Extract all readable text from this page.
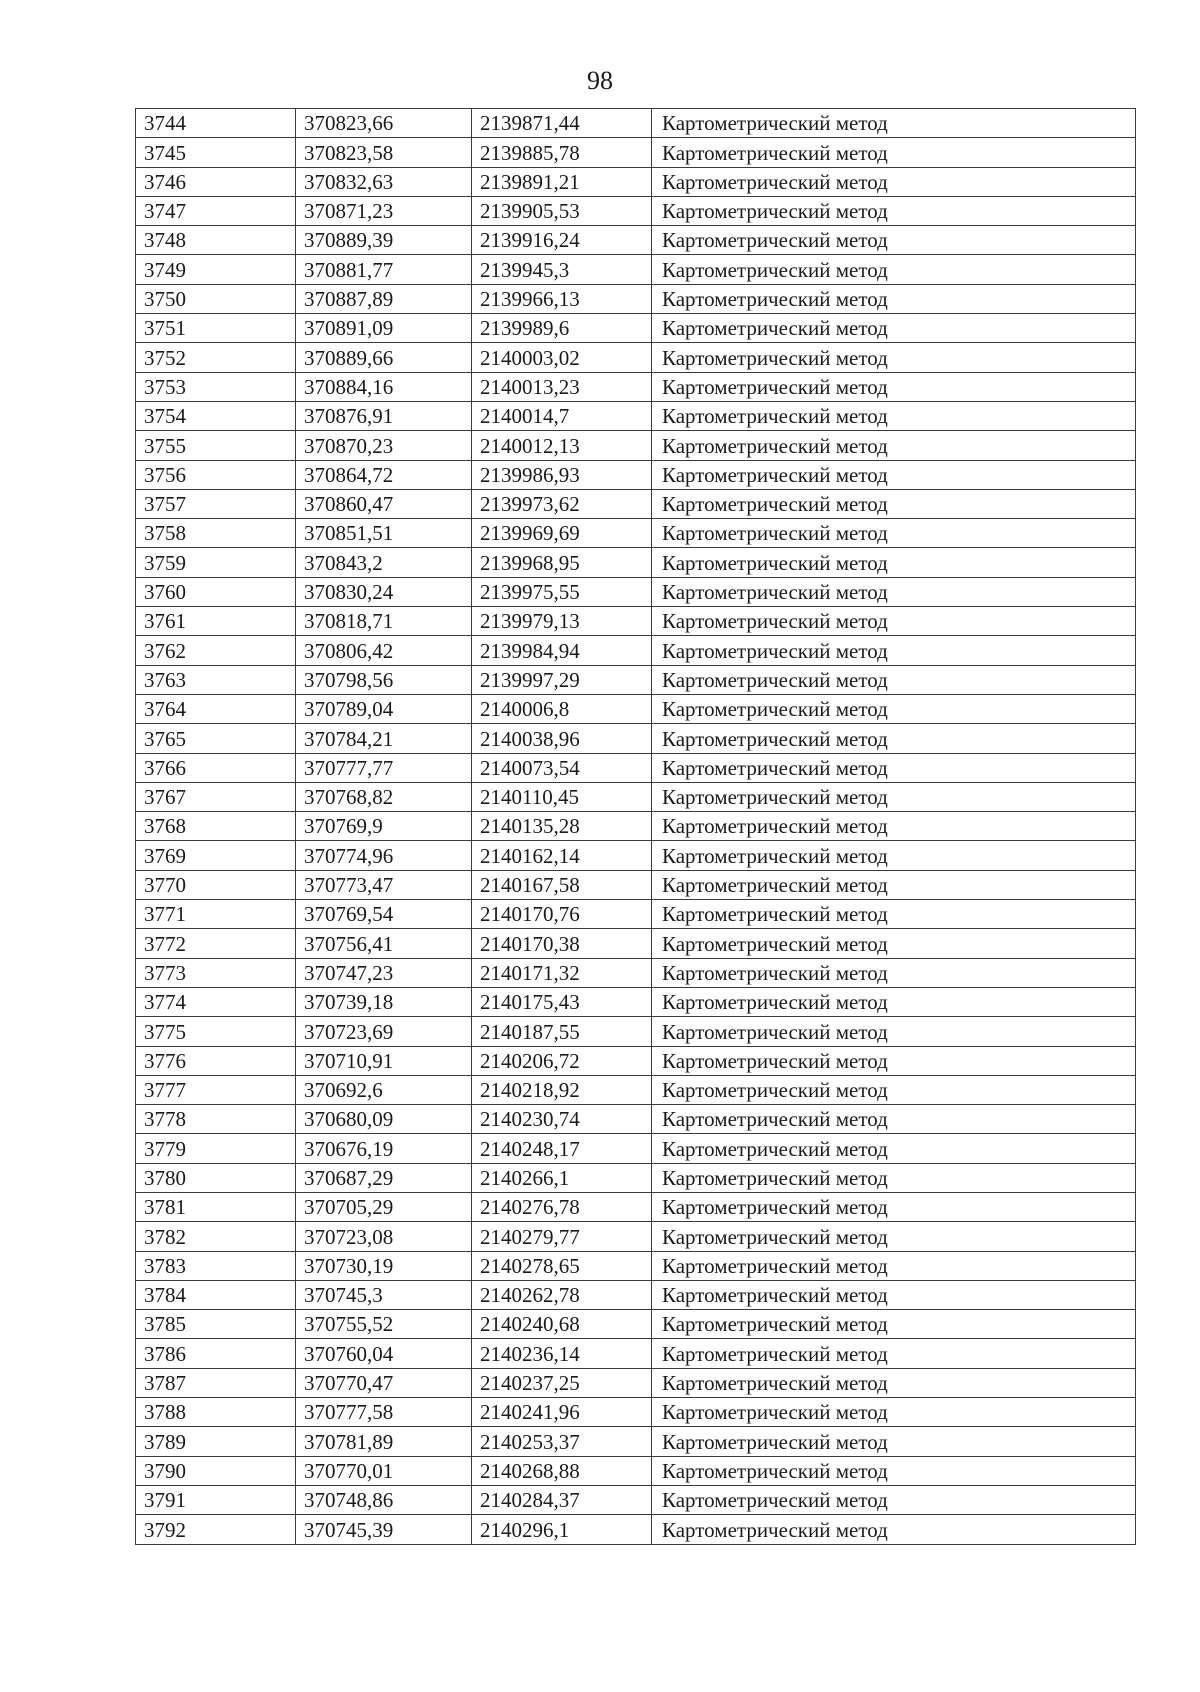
98
3744	370823,66	2139871,44	Картометрический метод
3745	370823,58	2139885,78	Картометрический метод
3746	370832,63	2139891,21	Картометрический метод
3747	370871,23	2139905,53	Картометрический метод
3748	370889,39	2139916,24	Картометрический метод
3749	370881,77	2139945,3	Картометрический метод
3750	370887,89	2139966,13	Картометрический метод
3751	370891,09	2139989,6	Картометрический метод
3752	370889,66	2140003,02	Картометрический метод
3753	370884,16	2140013,23	Картометрический метод
3754	370876,91	2140014,7	Картометрический метод
3755	370870,23	2140012,13	Картометрический метод
3756	370864,72	2139986,93	Картометрический метод
3757	370860,47	2139973,62	Картометрический метод
3758	370851,51	2139969,69	Картометрический метод
3759	370843,2	2139968,95	Картометрический метод
3760	370830,24	2139975,55	Картометрический метод
3761	370818,71	2139979,13	Картометрический метод
3762	370806,42	2139984,94	Картометрический метод
3763	370798,56	2139997,29	Картометрический метод
3764	370789,04	2140006,8	Картометрический метод
3765	370784,21	2140038,96	Картометрический метод
3766	370777,77	2140073,54	Картометрический метод
3767	370768,82	2140110,45	Картометрический метод
3768	370769,9	2140135,28	Картометрический метод
3769	370774,96	2140162,14	Картометрический метод
3770	370773,47	2140167,58	Картометрический метод
3771	370769,54	2140170,76	Картометрический метод
3772	370756,41	2140170,38	Картометрический метод
3773	370747,23	2140171,32	Картометрический метод
3774	370739,18	2140175,43	Картометрический метод
3775	370723,69	2140187,55	Картометрический метод
3776	370710,91	2140206,72	Картометрический метод
3777	370692,6	2140218,92	Картометрический метод
3778	370680,09	2140230,74	Картометрический метод
3779	370676,19	2140248,17	Картометрический метод
3780	370687,29	2140266,1	Картометрический метод
3781	370705,29	2140276,78	Картометрический метод
3782	370723,08	2140279,77	Картометрический метод
3783	370730,19	2140278,65	Картометрический метод
3784	370745,3	2140262,78	Картометрический метод
3785	370755,52	2140240,68	Картометрический метод
3786	370760,04	2140236,14	Картометрический метод
3787	370770,47	2140237,25	Картометрический метод
3788	370777,58	2140241,96	Картометрический метод
3789	370781,89	2140253,37	Картометрический метод
3790	370770,01	2140268,88	Картометрический метод
3791	370748,86	2140284,37	Картометрический метод
3792	370745,39	2140296,1	Картометрический метод
